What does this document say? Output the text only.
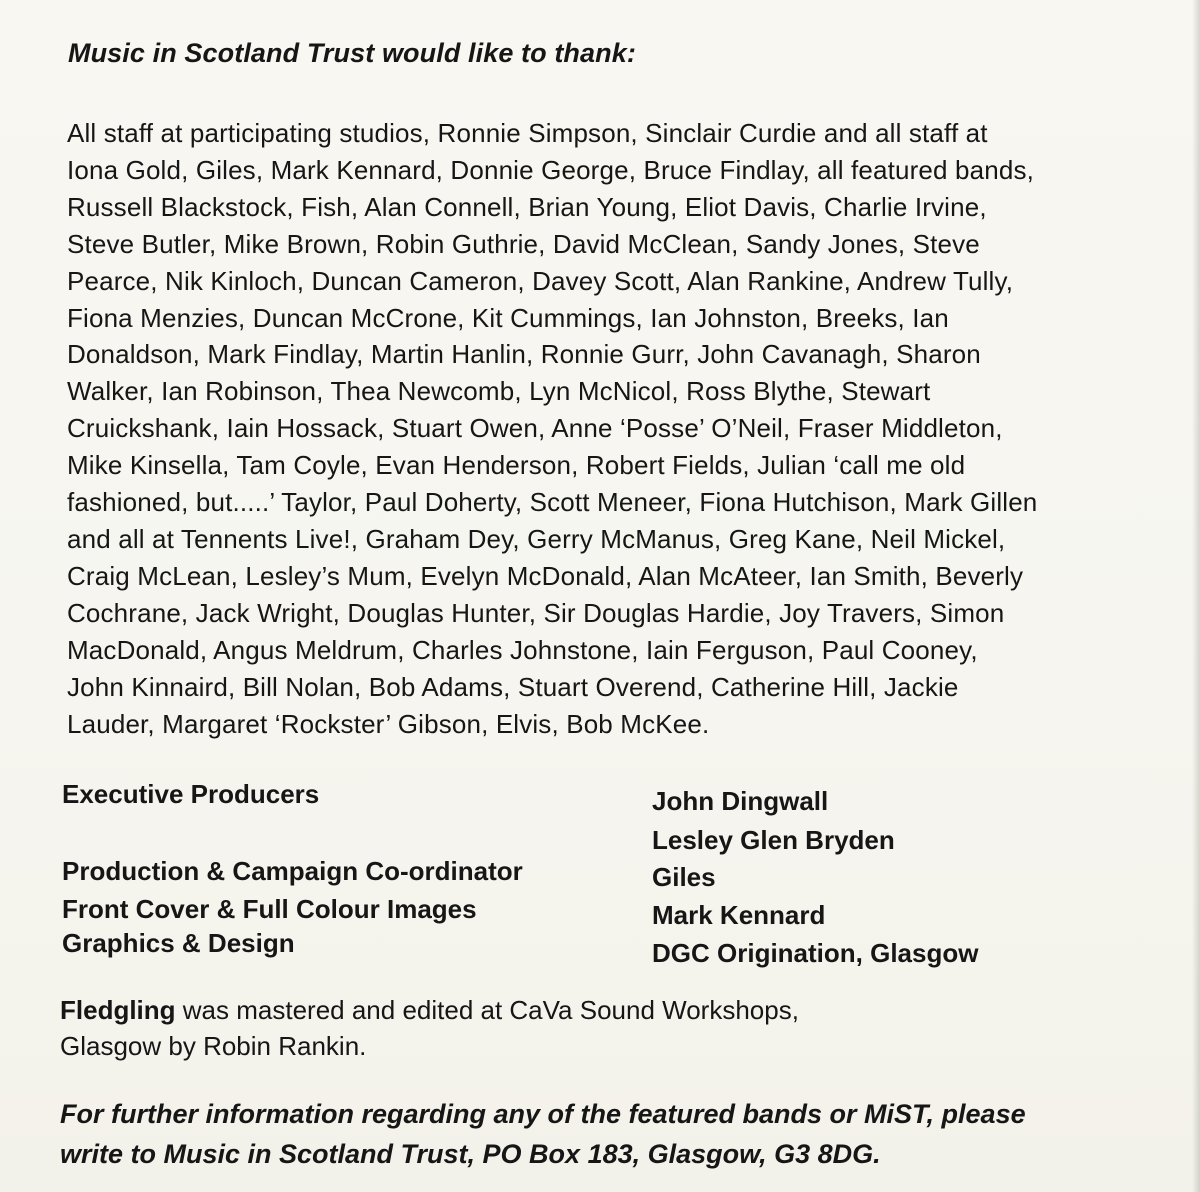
Music in Scotland Trust would like to thank:
All staff at participating studios, Ronnie Simpson, Sinclair Curdie and all staff at
Iona Gold, Giles, Mark Kennard, Donnie George, Bruce Findlay, all featured bands,
Russell Blackstock, Fish, Alan Connell, Brian Young, Eliot Davis, Charlie Irvine,
Steve Butler, Mike Brown, Robin Guthrie, David McClean, Sandy Jones, Steve
Pearce, Nik Kinloch, Duncan Cameron, Davey Scott, Alan Rankine, Andrew Tully,
Fiona Menzies, Duncan McCrone, Kit Cummings, Ian Johnston, Breeks, Ian
Donaldson, Mark Findlay, Martin Hanlin, Ronnie Gurr, John Cavanagh, Sharon
Walker, Ian Robinson, Thea Newcomb, Lyn McNicol, Ross Blythe, Stewart
Cruickshank, Iain Hossack, Stuart Owen, Anne ‘Posse’ O’Neil, Fraser Middleton,
Mike Kinsella, Tam Coyle, Evan Henderson, Robert Fields, Julian ‘call me old
fashioned, but.....’ Taylor, Paul Doherty, Scott Meneer, Fiona Hutchison, Mark Gillen
and all at Tennents Live!, Graham Dey, Gerry McManus, Greg Kane, Neil Mickel,
Craig McLean, Lesley’s Mum, Evelyn McDonald, Alan McAteer, Ian Smith, Beverly
Cochrane, Jack Wright, Douglas Hunter, Sir Douglas Hardie, Joy Travers, Simon
MacDonald, Angus Meldrum, Charles Johnstone, Iain Ferguson, Paul Cooney,
John Kinnaird, Bill Nolan, Bob Adams, Stuart Overend, Catherine Hill, Jackie
Lauder, Margaret ‘Rockster’ Gibson, Elvis, Bob McKee.
Executive Producers
Production & Campaign Co-ordinator
Front Cover & Full Colour Images
Graphics & Design
John Dingwall
Lesley Glen Bryden
Giles
Mark Kennard
DGC Origination, Glasgow
Fledgling was mastered and edited at CaVa Sound Workshops,
Glasgow by Robin Rankin.
For further information regarding any of the featured bands or MiST, please
write to Music in Scotland Trust, PO Box 183, Glasgow, G3 8DG.
